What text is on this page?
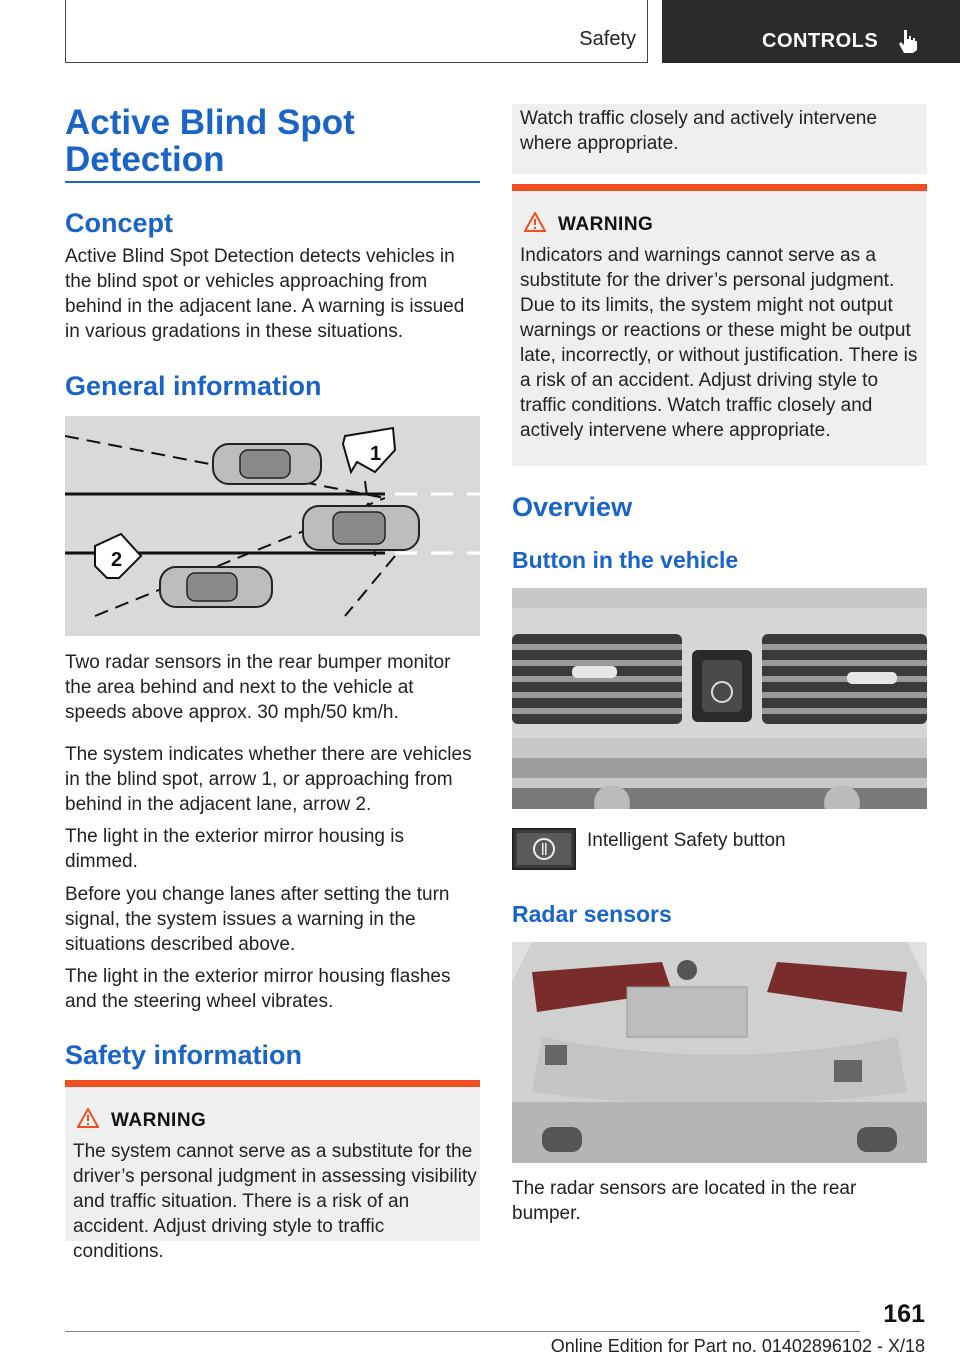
Safety	CONTROLS
Active Blind Spot Detection
Concept
Active Blind Spot Detection detects vehicles in the blind spot or vehicles approaching from behind in the adjacent lane. A warning is issued in various gradations in these situations.
General information
1
2
Two radar sensors in the rear bumper monitor the area behind and next to the vehicle at speeds above approx. 30 mph/50 km/h.
The system indicates whether there are vehicles in the blind spot, arrow 1, or approaching from behind in the adjacent lane, arrow 2.
The light in the exterior mirror housing is dimmed.
Before you change lanes after setting the turn signal, the system issues a warning in the situations described above.
The light in the exterior mirror housing flashes and the steering wheel vibrates.
Safety information
WARNING
The system cannot serve as a substitute for the driver’s personal judgment in assessing visibility and traffic situation. There is a risk of an accident. Adjust driving style to traffic conditions.
Watch traffic closely and actively intervene where appropriate.
WARNING
Indicators and warnings cannot serve as a substitute for the driver’s personal judgment. Due to its limits, the system might not output warnings or reactions or these might be output late, incorrectly, or without justification. There is a risk of an accident. Adjust driving style to traffic conditions. Watch traffic closely and actively intervene where appropriate.
Overview
Button in the vehicle
Intelligent Safety button
Radar sensors
The radar sensors are located in the rear bumper.
161
Online Edition for Part no. 01402896102 - X/18
